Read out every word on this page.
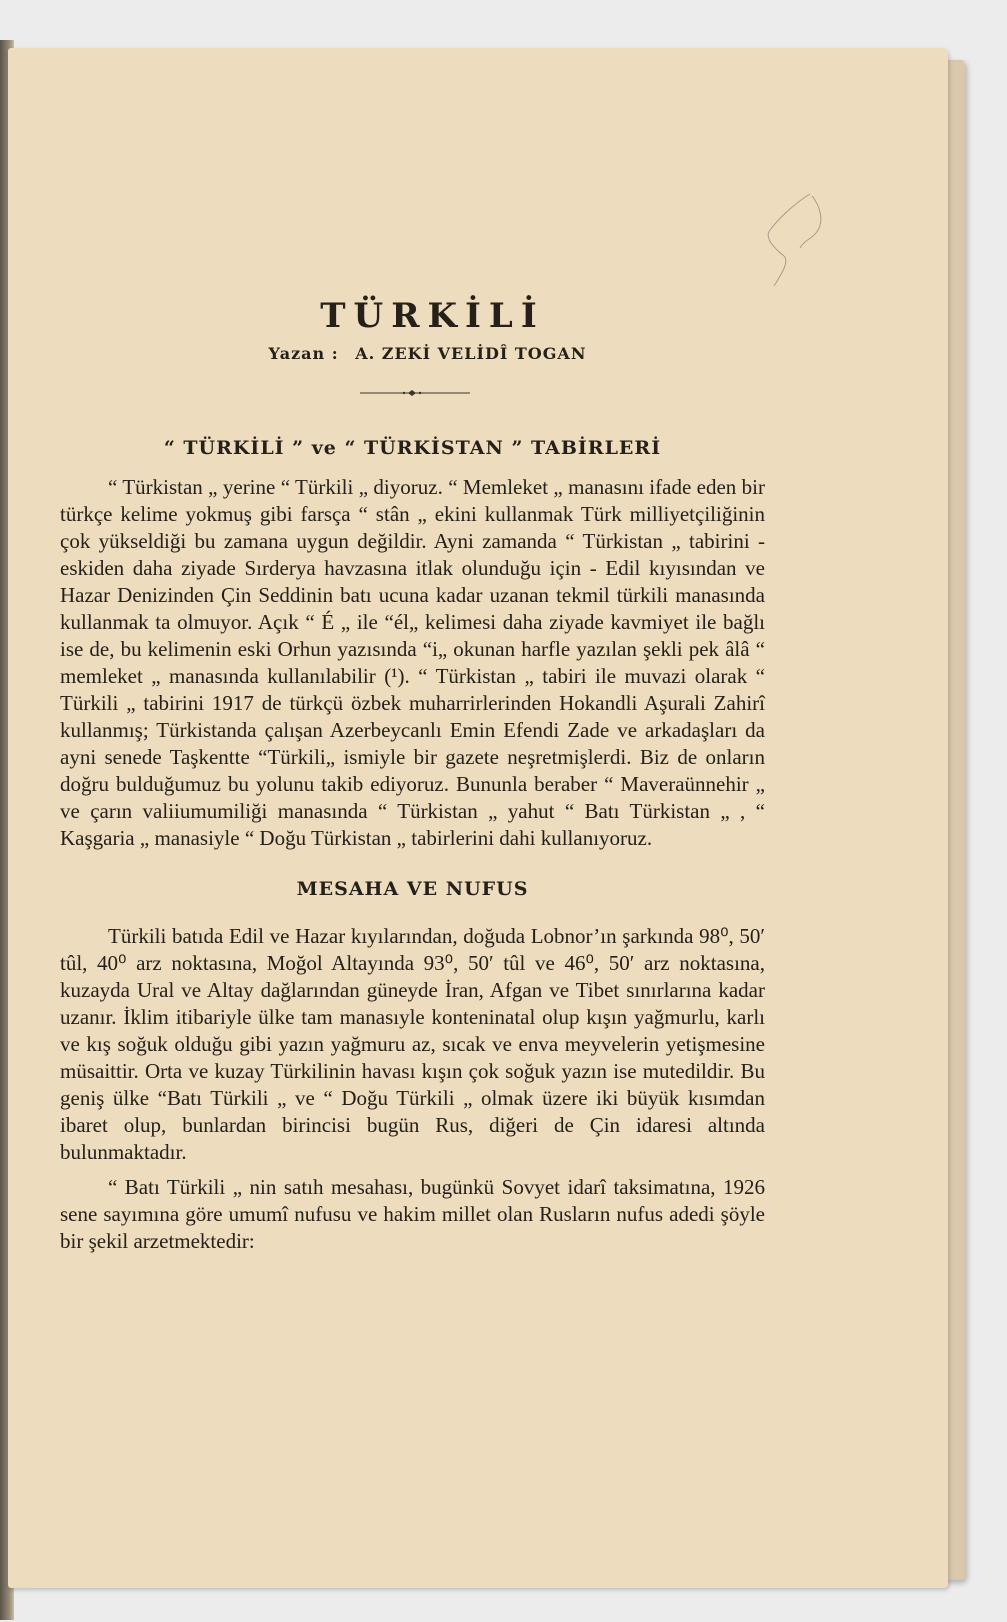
TÜRKİLİ
Yazan : A. ZEKİ VELİDÎ TOGAN
“ TÜRKİLİ ” ve “ TÜRKİSTAN ” TABİRLERİ

“ Türkistan „ yerine “ Türkili „ diyoruz. “ Memleket „ manasını ifade eden bir türkçe kelime yokmuş gibi farsça “ stân „ ekini kullanmak Türk milliyetçiliğinin çok yükseldiği bu zamana uygun değildir. Ayni zamanda “ Türkistan „ tabirini - eskiden daha ziyade Sırderya havzasına itlak olunduğu için - Edil kıyısından ve Hazar Denizinden Çin Seddinin batı ucuna kadar uzanan tekmil türkili manasında kullanmak ta olmuyor. Açık “ É „ ile “él„ kelimesi daha ziyade kavmiyet ile bağlı ise de, bu kelimenin eski Orhun yazısında “i„ okunan harfle yazılan şekli pek âlâ “ memleket „ manasında kullanılabilir (¹). “ Türkistan „ tabiri ile muvazi olarak “ Türkili „ tabirini 1917 de türkçü özbek muharrirlerinden Hokandli Aşurali Zahirî kullanmış; Türkistanda çalışan Azerbeycanlı Emin Efendi Zade ve arkadaşları da ayni senede Taşkentte “Türkili„ ismiyle bir gazete neşretmişlerdi. Biz de onların doğru bulduğumuz bu yolunu takib ediyoruz. Bununla beraber “ Maveraünnehir „ ve çarın valiiumumiliği manasında “ Türkistan „ yahut “ Batı Türkistan „ , “ Kaşgaria „ manasiyle “ Doğu Türkistan „ tabirlerini dahi kullanıyoruz.

MESAHA VE NUFUS

Türkili batıda Edil ve Hazar kıyılarından, doğuda Lobnor’ın şarkında 98⁰, 50′ tûl, 40⁰ arz noktasına, Moğol Altayında 93⁰, 50′ tûl ve 46⁰, 50′ arz noktasına, kuzayda Ural ve Altay dağlarından güneyde İran, Afgan ve Tibet sınırlarına kadar uzanır. İklim itibariyle ülke tam manasıyle konteninatal olup kışın yağmurlu, karlı ve kış soğuk olduğu gibi yazın yağmuru az, sıcak ve enva meyvelerin yetişmesine müsaittir. Orta ve kuzay Türkilinin havası kışın çok soğuk yazın ise mutedildir. Bu geniş ülke “Batı Türkili „ ve “ Doğu Türkili „ olmak üzere iki büyük kısımdan ibaret olup, bunlardan birincisi bugün Rus, diğeri de Çin idaresi altında bulunmaktadır.

“ Batı Türkili „ nin satıh mesahası, bugünkü Sovyet idarî taksimatına, 1926 sene sayımına göre umumî nufusu ve hakim millet olan Rusların nufus adedi şöyle bir şekil arzetmektedir:
